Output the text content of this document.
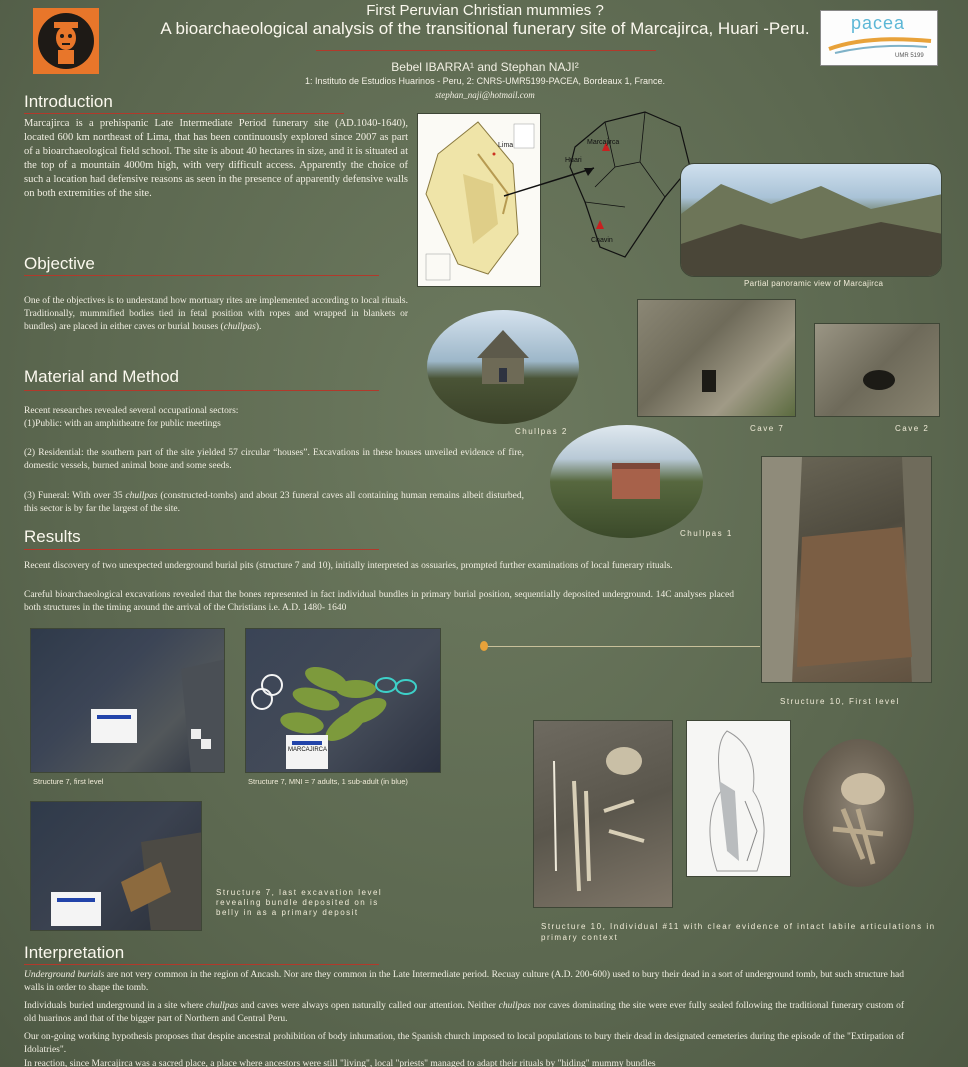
First Peruvian Christian mummies ?
A bioarchaeological analysis of the transitional funerary site of Marcajirca, Huari -Peru.
Bebel IBARRA¹ and Stephan NAJI²
1: Instituto de Estudios Huarinos - Peru, 2: CNRS-UMR5199-PACEA, Bordeaux 1, France.
stephan_naji@hotmail.com
pacea
UMR 5199
Introduction
Marcajirca is a prehispanic Late Intermediate Period funerary site (AD.1040-1640), located 600 km northeast of Lima, that has been continuously explored since 2007 as part of a bioarchaeological field school. The site is about 40 hectares in size, and it is situated at the top of a mountain 4000m high, with very difficult access. Apparently the choice of such a location had defensive reasons as seen in the presence of apparently defensive walls on both extremities of the site.
Lima	Marcajirca
Huari
Chavin
Partial panoramic view of Marcajirca
Objective
One of the objectives is to understand how mortuary rites are implemented according to local rituals. Traditionally, mummified bodies tied in fetal position with ropes and wrapped in blankets or bundles) are placed in either caves or burial houses (chullpas).
Chullpas 2	Cave 7	Cave 2
Material and Method
Recent researches revealed several occupational sectors:
(1)Public: with an amphitheatre for public meetings
(2) Residential: the southern part of the site yielded 57 circular “houses”. Excavations in these houses unveiled evidence of fire, domestic vessels, burned animal bone and some seeds.
(3) Funeral: With over 35 chullpas (constructed-tombs) and about 23 funeral caves all containing human remains albeit disturbed, this sector is by far the largest of the site.
Chullpas 1
Structure 10, First level
Results
Recent discovery of two unexpected underground burial pits (structure 7 and 10), initially interpreted as ossuaries, prompted further examinations of local funerary rituals.
Careful bioarchaeological excavations revealed that the bones represented in fact individual bundles in primary burial position, sequentially deposited underground. 14C analyses placed both structures in the timing around the arrival of the Christians i.e. A.D. 1480- 1640
Structure 7, first level
MARCAJIRCA
Structure 7, MNI = 7 adults, 1 sub-adult (in blue)
Structure 7, last excavation level revealing bundle deposited on is belly in as a primary deposit
Structure 10, Individual #11 with clear evidence of intact labile articulations in primary context
Interpretation
Underground burials are not very common in the region of Ancash. Nor are they common in the Late Intermediate period. Recuay culture (A.D. 200-600) used to bury their dead in a sort of underground tomb, but such structure had walls in order to shape the tomb.
Individuals buried underground in a site where chullpas and caves were always open naturally called our attention. Neither chullpas nor caves dominating the site were ever fully sealed following the traditional funerary custom of old huarinos and that of the bigger part of Northern and Central Peru.
Our on-going working hypothesis proposes that despite ancestral prohibition of body inhumation, the Spanish church imposed to local populations to bury their dead in designated cemeteries during the episode of the "Extirpation of Idolatries".
In reaction, since Marcajirca was a sacred place, a place where ancestors were still "living", local "priests" managed to adapt their rituals by "hiding" mummy bundles
